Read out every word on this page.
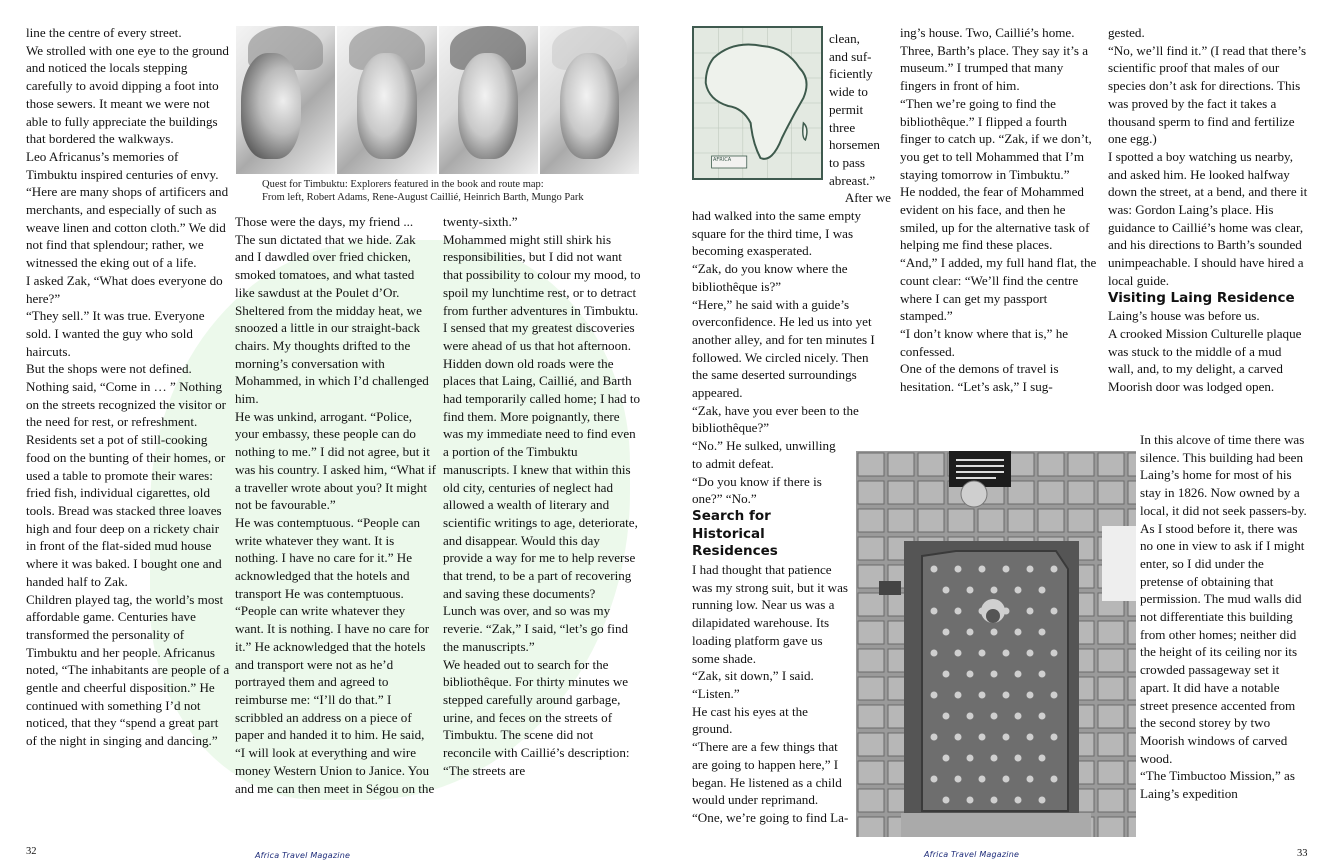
line the centre of every street.

We strolled with one eye to the ground and noticed the locals stepping carefully to avoid dipping a foot into those sewers. It meant we were not able to fully appreciate the buildings that bordered the walkways.

Leo Africanus’s memories of Timbuktu inspired centuries of envy. “Here are many shops of artificers and merchants, and especially of such as weave linen and cotton cloth.” We did not find that splendour; rather, we witnessed the eking out of a life.

I asked Zak, “What does everyone do here?”

“They sell.” It was true. Everyone sold. I wanted the guy who sold haircuts.

But the shops were not defined. Nothing said, “Come in … ” Nothing on the streets recognized the visitor or the need for rest, or refreshment. Residents set a pot of still-cooking food on the bunting of their homes, or used a table to promote their wares: fried fish, individual cigarettes, old tools. Bread was stacked three loaves high and four deep on a rickety chair in front of the flat-sided mud house where it was baked. I bought one and handed half to Zak.

Children played tag, the world’s most affordable game. Centuries have transformed the personality of Timbuktu and her people. Africanus noted, “The inhabitants are people of a gentle and cheerful disposition.” He continued with something I’d not noticed, that they “spend a great part of the night in singing and dancing.”

Quest for Timbuktu: Explorers featured in the book and route map:
From left, Robert Adams, Rene-August Caillié, Heinrich Barth, Mungo Park

Those were the days, my friend ...

The sun dictated that we hide. Zak and I dawdled over fried chicken, smoked tomatoes, and what tasted like sawdust at the Poulet d’Or. Sheltered from the midday heat, we snoozed a little in our straight-back chairs. My thoughts drifted to the morning’s conversation with Mohammed, in which I’d challenged him.

He was unkind, arrogant. “Police, your embassy, these people can do nothing to me.” I did not agree, but it was his country. I asked him, “What if a traveller wrote about you? It might not be favourable.”

He was contemptuous. “People can write whatever they want. It is nothing. I have no care for it.” He acknowledged that the hotels and transport He was contemptuous. “People can write whatever they want. It is nothing. I have no care for it.” He acknowledged that the hotels and transport were not as he’d portrayed them and agreed to reimburse me: “I’ll do that.” I scribbled an address on a piece of paper and handed it to him. He said, “I will look at everything and wire money Western Union to Janice. You and me can then meet in Ségou on the

twenty-sixth.”

Mohammed might still shirk his responsibilities, but I did not want that possibility to colour my mood, to spoil my lunchtime rest, or to detract from further adventures in Timbuktu.

I sensed that my greatest discoveries were ahead of us that hot afternoon. Hidden down old roads were the places that Laing, Caillié, and Barth had temporarily called home; I had to find them. More poignantly, there was my immediate need to find even a portion of the Timbuktu manuscripts. I knew that within this old city, centuries of neglect had allowed a wealth of literary and scientific writings to age, deteriorate, and disappear. Would this day provide a way for me to help reverse that trend, to be a part of recovering and saving these documents?

Lunch was over, and so was my reverie. “Zak,” I said, “let’s go find the manuscripts.”

We headed out to search for the bibliothêque. For thirty minutes we stepped carefully around garbage, urine, and feces on the streets of Timbuktu. The scene did not reconcile with Caillié’s description: “The streets are

32	Africa Travel Magazine
AFRICA
clean,
and suf-
ficiently
wide to
permit
three
horsemen
to pass
abreast.”
After we

had walked into the same empty square for the third time, I was becoming exasperated.

“Zak, do you know where the bibliothêque is?”

“Here,” he said with a guide’s overconfidence. He led us into yet another alley, and for ten minutes I followed. We circled nicely. Then the same deserted surroundings appeared.

“Zak, have you ever been to the bibliothêque?”

“No.” He sulked, unwilling to admit defeat.

“Do you know if there is one?” “No.”

Search for Historical Residences

I had thought that patience was my strong suit, but it was running low. Near us was a dilapidated warehouse. Its loading platform gave us some shade.

“Zak, sit down,” I said. “Listen.”

He cast his eyes at the ground.

“There are a few things that are going to happen here,” I began. He listened as a child would under reprimand. “One, we’re going to find La-

ing’s house. Two, Caillié’s home. Three, Barth’s place. They say it’s a museum.” I trumped that many fingers in front of him.

“Then we’re going to find the bibliothêque.” I flipped a fourth finger to catch up. “Zak, if we don’t, you get to tell Mohammed that I’m staying tomorrow in Timbuktu.”

He nodded, the fear of Mohammed evident on his face, and then he smiled, up for the alternative task of helping me find these places.

“And,” I added, my full hand flat, the count clear: “We’ll find the centre where I can get my passport stamped.”

“I don’t know where that is,” he confessed.

One of the demons of travel is hesitation. “Let’s ask,” I sug-

gested.

“No, we’ll find it.” (I read that there’s scientific proof that males of our species don’t ask for directions. This was proved by the fact it takes a thousand sperm to find and fertilize one egg.)

I spotted a boy watching us nearby, and asked him. He looked halfway down the street, at a bend, and there it was: Gordon Laing’s place. His guidance to Caillié’s home was clear, and his directions to Barth’s sounded unimpeachable. I should have hired a local guide.

Visiting Laing Residence

Laing’s house was before us.

A crooked Mission Culturelle plaque was stuck to the middle of a mud wall, and, to my delight, a carved Moorish door was lodged open.

In this alcove of time there was silence. This building had been Laing’s home for most of his stay in 1826. Now owned by a local, it did not seek passers-by. As I stood before it, there was no one in view to ask if I might enter, so I did under the pretense of obtaining that permission. The mud walls did not differentiate this building from other homes; neither did the height of its ceiling nor its crowded passageway set it apart. It did have a notable street presence accented from the second storey by two Moorish windows of carved wood.

“The Timbuctoo Mission,” as Laing’s expedition

Africa Travel Magazine	33
